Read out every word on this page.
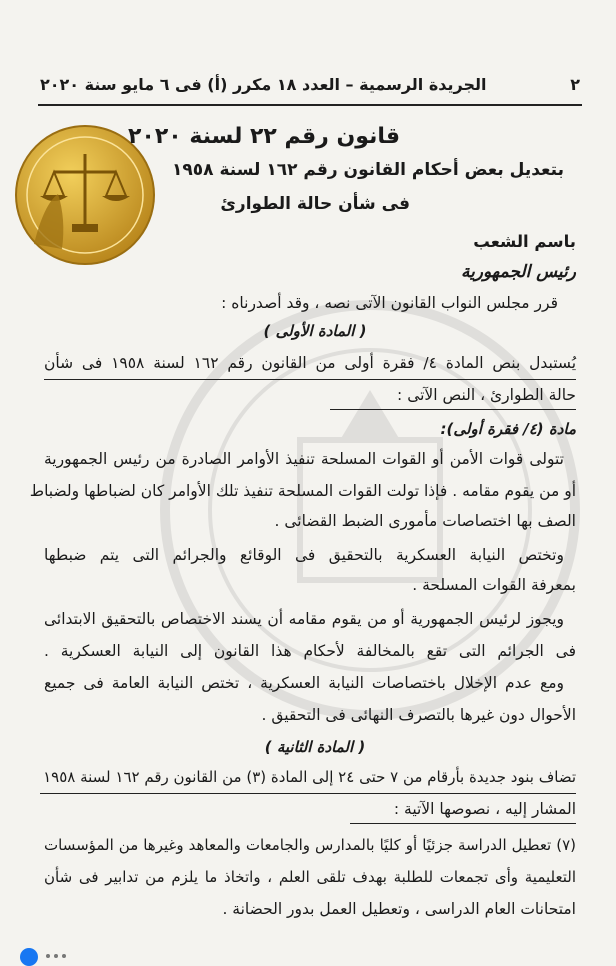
٢
الجريدة الرسمية – العدد ١٨ مكرر (أ) فى ٦ مايو سنة ٢٠٢٠
قانون رقم ٢٢ لسنة ٢٠٢٠
بتعديل بعض أحكام القانون رقم ١٦٢ لسنة ١٩٥٨
فى شأن حالة الطوارئ
باسم الشعب
رئيس الجمهورية
قرر مجلس النواب القانون الآتى نصه ، وقد أصدرناه :
( المادة الأولى )
يُستبدل بنص المادة ٤/ فقرة أولى من القانون رقم ١٦٢ لسنة ١٩٥٨ فى شأن
حالة الطوارئ ، النص الآتى :
مادة (٤/ فقرة أولى):
تتولى قوات الأمن أو القوات المسلحة تنفيذ الأوامر الصادرة من رئيس الجمهورية
أو من يقوم مقامه . فإذا تولت القوات المسلحة تنفيذ تلك الأوامر كان لضباطها ولضباط
الصف بها اختصاصات مأمورى الضبط القضائى .
وتختص النيابة العسكرية بالتحقيق فى الوقائع والجرائم التى يتم ضبطها
بمعرفة القوات المسلحة .
ويجوز لرئيس الجمهورية أو من يقوم مقامه أن يسند الاختصاص بالتحقيق الابتدائى
فى الجرائم التى تقع بالمخالفة لأحكام هذا القانون إلى النيابة العسكرية .
ومع عدم الإخلال باختصاصات النيابة العسكرية ، تختص النيابة العامة فى جميع
الأحوال دون غيرها بالتصرف النهائى فى التحقيق .
( المادة الثانية )
تضاف بنود جديدة بأرقام من ٧ حتى ٢٤ إلى المادة (٣) من القانون رقم ١٦٢ لسنة ١٩٥٨
المشار إليه ، نصوصها الآتية :
(٧) تعطيل الدراسة جزئيًا أو كليًا بالمدارس والجامعات والمعاهد وغيرها من المؤسسات
التعليمية وأى تجمعات للطلبة بهدف تلقى العلم ، واتخاذ ما يلزم من تدابير فى شأن
امتحانات العام الدراسى ، وتعطيل العمل بدور الحضانة .
